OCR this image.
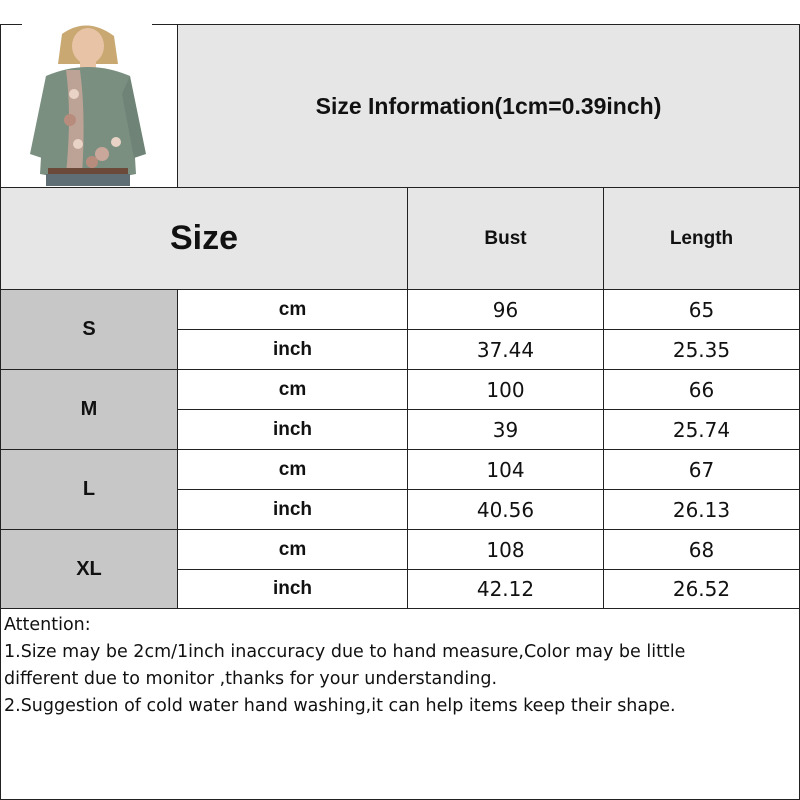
Size Information(1cm=0.39inch)
Size	Bust	Length
S
cm	96	65
inch	37.44	25.35
M
cm	100	66
inch	39	25.74
L
cm	104	67
inch	40.56	26.13
XL
cm	108	68
inch	42.12	26.52
Attention:
1.Size may be 2cm/1inch inaccuracy due to hand measure,Color may be little
different due to monitor ,thanks for your understanding.
2.Suggestion of cold water hand washing,it can help items keep their shape.
